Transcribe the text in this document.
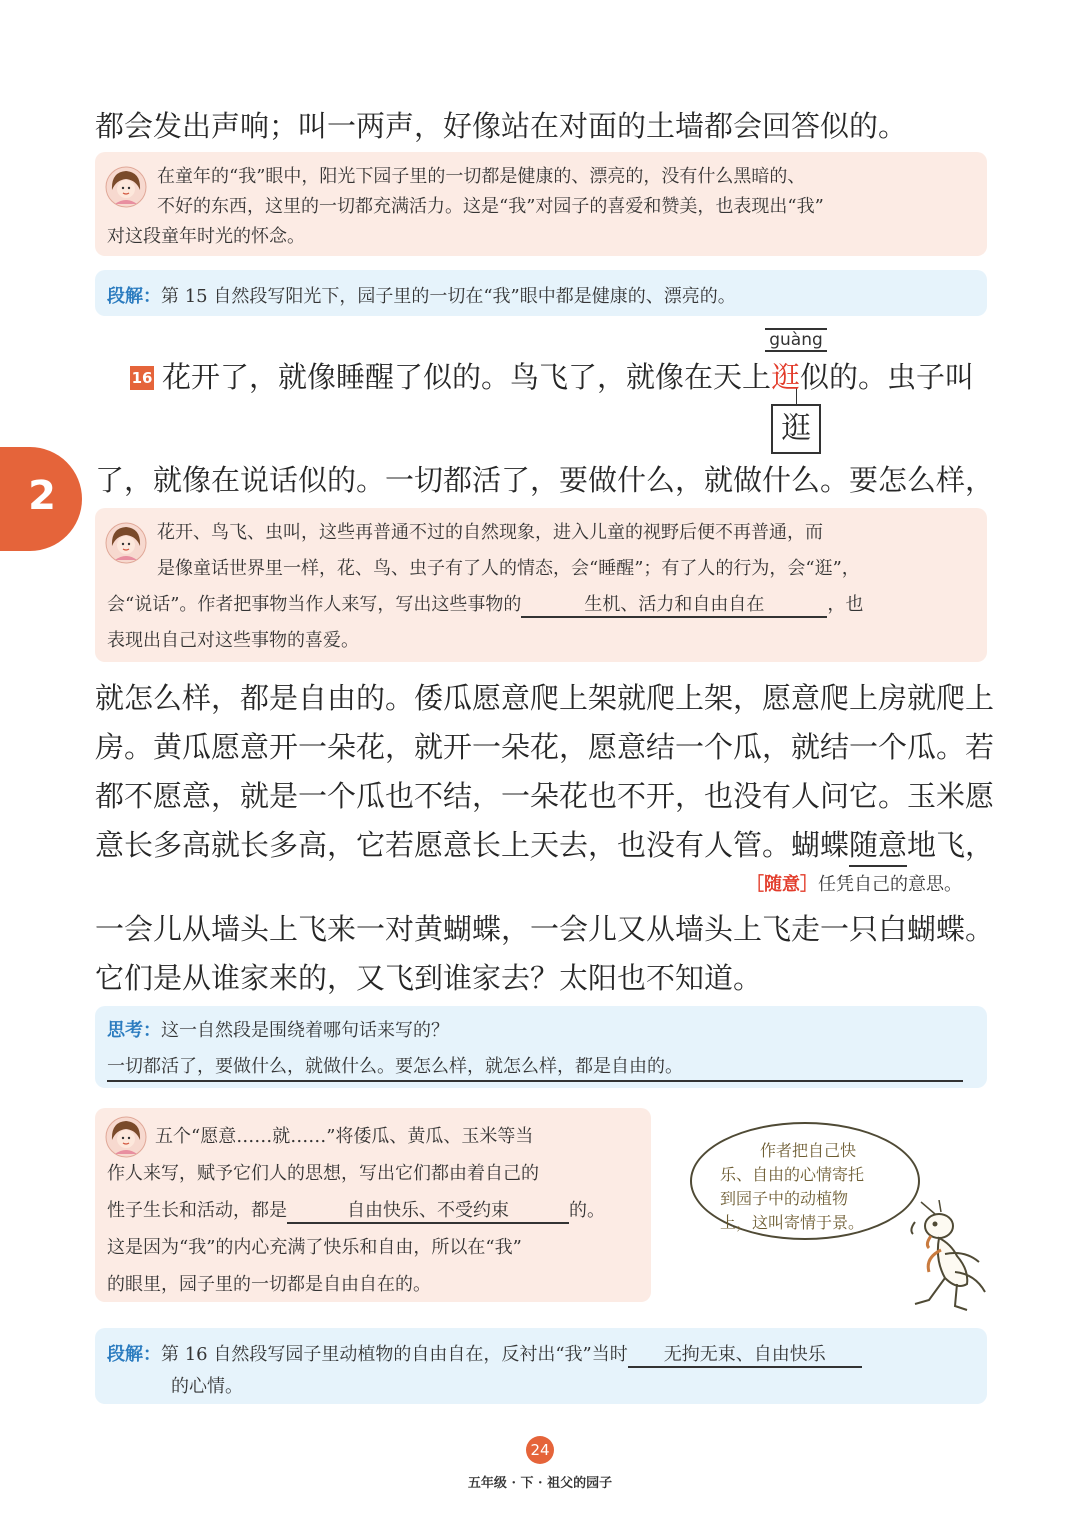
都会发出声响；叫一两声，好像站在对面的土墙都会回答似的。
在童年的“我”眼中，阳光下园子里的一切都是健康的、漂亮的，没有什么黑暗的、
不好的东西，这里的一切都充满活力。这是“我”对园子的喜爱和赞美，也表现出“我”
对这段童年时光的怀念。
段解：第 15 自然段写阳光下，园子里的一切在“我”眼中都是健康的、漂亮的。
guàng
逛
16 花开了，就像睡醒了似的。鸟飞了，就像在天上逛似的。虫子叫
2 了，就像在说话似的。一切都活了，要做什么，就做什么。要怎么样，
花开、鸟飞、虫叫，这些再普通不过的自然现象，进入儿童的视野后便不再普通，而
是像童话世界里一样，花、鸟、虫子有了人的情态，会“睡醒”；有了人的行为，会“逛”，
会“说话”。作者把事物当作人来写，写出这些事物的	生机、活力和自由自在	，也
表现出自己对这些事物的喜爱。
就怎么样，都是自由的。倭瓜愿意爬上架就爬上架，愿意爬上房就爬上
房。黄瓜愿意开一朵花，就开一朵花，愿意结一个瓜，就结一个瓜。若
都不愿意，就是一个瓜也不结，一朵花也不开，也没有人问它。玉米愿
意长多高就长多高，它若愿意长上天去，也没有人管。蝴蝶随意地飞，
［随意］任凭自己的意思。
一会儿从墙头上飞来一对黄蝴蝶，一会儿又从墙头上飞走一只白蝴蝶。
它们是从谁家来的，又飞到谁家去？太阳也不知道。
思考：这一自然段是围绕着哪句话来写的？
一切都活了，要做什么，就做什么。要怎么样，就怎么样，都是自由的。
五个“愿意……就……”将倭瓜、黄瓜、玉米等当
作人来写，赋予它们人的思想，写出它们都由着自己的
性子生长和活动，都是	自由快乐、不受约束	的。
这是因为“我”的内心充满了快乐和自由，所以在“我”
的眼里，园子里的一切都是自由自在的。
作者把自己快
乐、自由的心情寄托
到园子中的动植物
上，这叫寄情于景。
段解：第 16 自然段写园子里动植物的自由自在，反衬出“我”当时 无拘无束、自由快乐
的心情。
24
五年级 · 下 · 祖父的园子
